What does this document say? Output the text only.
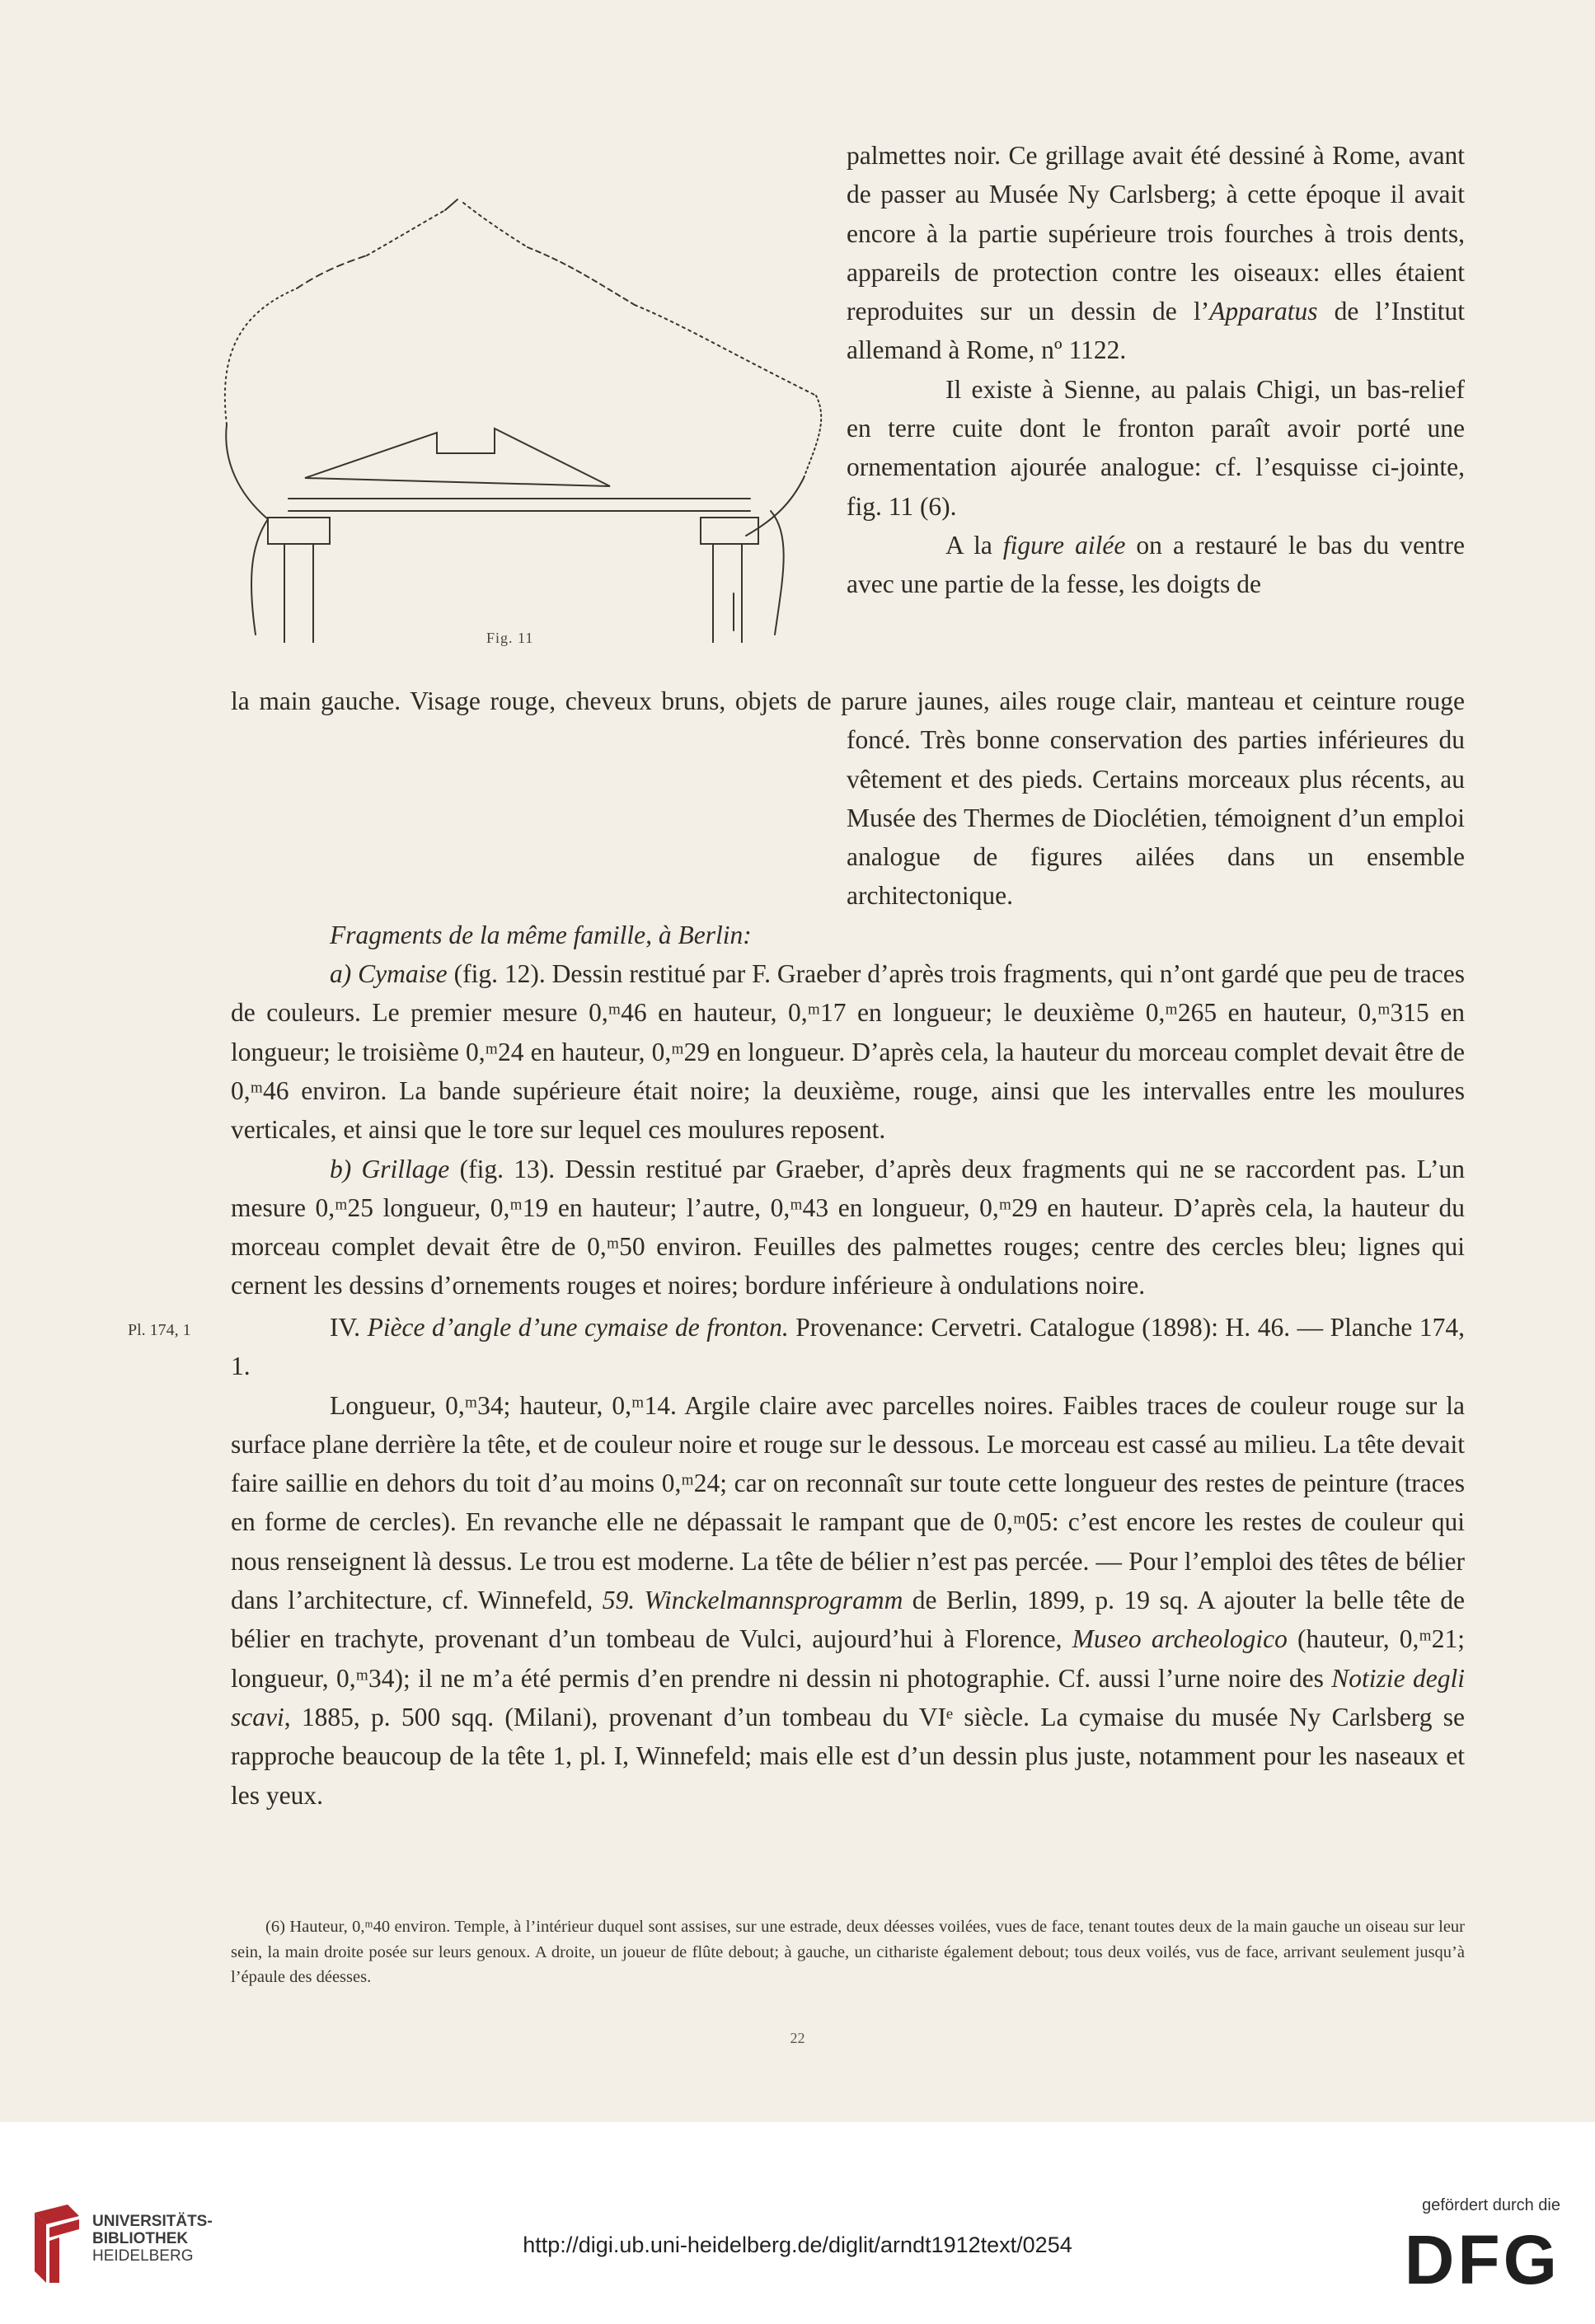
Fig. 11

palmettes noir. Ce grillage avait été dessiné à Rome, avant de passer au Musée Ny Carlsberg; à cette époque il avait encore à la partie supérieure trois fourches à trois dents, appareils de protection contre les oiseaux: elles étaient reproduites sur un dessin de l’Apparatus de l’Institut allemand à Rome, nº 1122.

Il existe à Sienne, au palais Chigi, un bas-relief en terre cuite dont le fronton paraît avoir porté une ornementation ajourée analogue: cf. l’esquisse ci-jointe, fig. 11 (6).

A la figure ailée on a restauré le bas du ventre avec une partie de la fesse, les doigts de

la main gauche. Visage rouge, cheveux bruns, objets de parure jaunes, ailes rouge clair, manteau et ceinture rouge foncé. Très bonne conservation des parties inférieures du vêtement et des pieds. Certains morceaux plus récents, au Musée des Thermes de Dioclétien, témoignent d’un emploi analogue de figures ailées dans un ensemble architectonique.

Fragments de la même famille, à Berlin:

a) Cymaise (fig. 12). Dessin restitué par F. Graeber d’après trois fragments, qui n’ont gardé que peu de traces de couleurs. Le premier mesure 0,ᵐ46 en hauteur, 0,ᵐ17 en longueur; le deuxième 0,ᵐ265 en hauteur, 0,ᵐ315 en longueur; le troisième 0,ᵐ24 en hauteur, 0,ᵐ29 en longueur. D’après cela, la hauteur du morceau complet devait être de 0,ᵐ46 environ. La bande supérieure était noire; la deuxième, rouge, ainsi que les intervalles entre les moulures verticales, et ainsi que le tore sur lequel ces moulures reposent.

b) Grillage (fig. 13). Dessin restitué par Graeber, d’après deux fragments qui ne se raccordent pas. L’un mesure 0,ᵐ25 longueur, 0,ᵐ19 en hauteur; l’autre, 0,ᵐ43 en longueur, 0,ᵐ29 en hauteur. D’après cela, la hauteur du morceau complet devait être de 0,ᵐ50 environ. Feuilles des palmettes rouges; centre des cercles bleu; lignes qui cernent les dessins d’ornements rouges et noires; bordure inférieure à ondulations noire.

Pl. 174, 1	IV. Pièce d’angle d’une cymaise de fronton. Provenance: Cervetri. Catalogue (1898): H. 46. — Planche 174, 1.

Longueur, 0,ᵐ34; hauteur, 0,ᵐ14. Argile claire avec parcelles noires. Faibles traces de couleur rouge sur la surface plane derrière la tête, et de couleur noire et rouge sur le dessous. Le morceau est cassé au milieu. La tête devait faire saillie en dehors du toit d’au moins 0,ᵐ24; car on reconnaît sur toute cette longueur des restes de peinture (traces en forme de cercles). En revanche elle ne dépassait le rampant que de 0,ᵐ05: c’est encore les restes de couleur qui nous renseignent là dessus. Le trou est moderne. La tête de bélier n’est pas percée. — Pour l’emploi des têtes de bélier dans l’architecture, cf. Winnefeld, 59. Winckelmannsprogramm de Berlin, 1899, p. 19 sq. A ajouter la belle tête de bélier en trachyte, provenant d’un tombeau de Vulci, aujourd’hui à Florence, Museo archeologico (hauteur, 0,ᵐ21; longueur, 0,ᵐ34); il ne m’a été permis d’en prendre ni dessin ni photographie. Cf. aussi l’urne noire des Notizie degli scavi, 1885, p. 500 sqq. (Milani), provenant d’un tombeau du VIᵉ siècle. La cymaise du musée Ny Carlsberg se rapproche beaucoup de la tête 1, pl. I, Winnefeld; mais elle est d’un dessin plus juste, notamment pour les naseaux et les yeux.

(6) Hauteur, 0,ᵐ40 environ. Temple, à l’intérieur duquel sont assises, sur une estrade, deux déesses voilées, vues de face, tenant toutes deux de la main gauche un oiseau sur leur sein, la main droite posée sur leurs genoux. A droite, un joueur de flûte debout; à gauche, un cithariste également debout; tous deux voilés, vus de face, arrivant seulement jusqu’à l’épaule des déesses.
22
UNIVERSITÄTS-
BIBLIOTHEK
HEIDELBERG	http://digi.ub.uni-heidelberg.de/diglit/arndt1912text/0254
gefördert durch die
DFG
